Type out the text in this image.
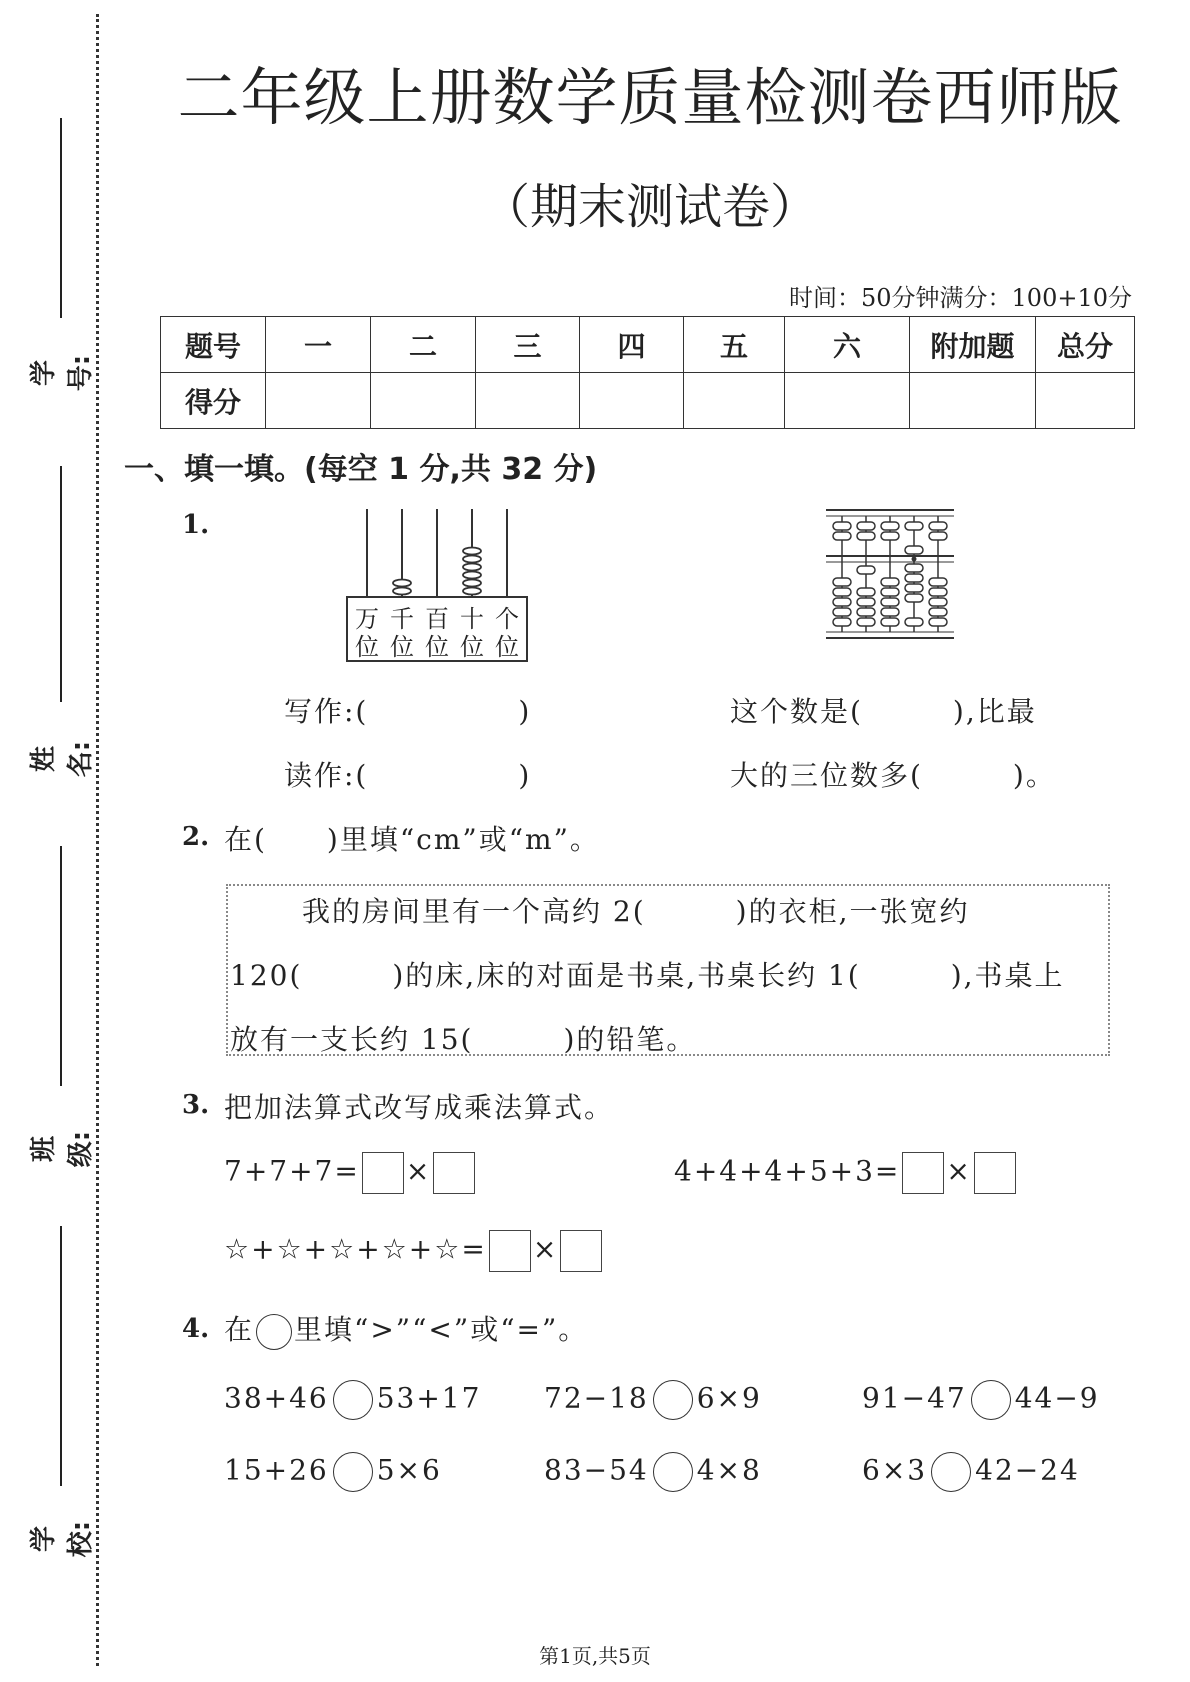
学号:
姓名:
班级:
学校:
二年级上册数学质量检测卷西师版
（期末测试卷）
时间：50分钟满分：100+10分
题号	一	二	三	四	五	六	附加题	总分
得分								
一、填一填。(每空 1 分,共 32 分)
1.
万 千 百 十 个
位 位 位 位 位
写作:(　　　　　)
读作:(　　　　　)
这个数是(　　　),比最
大的三位数多(　　　)。
2. 在(　　)里填“cm”或“m”。
我的房间里有一个高约 2(　　　)的衣柜,一张宽约
120(　　　)的床,床的对面是书桌,书桌长约 1(　　　),书桌上
放有一支长约 15(　　　)的铅笔。
3. 把加法算式改写成乘法算式。
7+7+7= ×	4+4+4+5+3= ×
☆+☆+☆+☆+☆= ×
4. 在 里填“>”“<”或“=”。
38+46 53+17 72−18 6×9	91−47 44−9
15+26 5×6	83−54 4×8	6×3 42−24
第1页,共5页
